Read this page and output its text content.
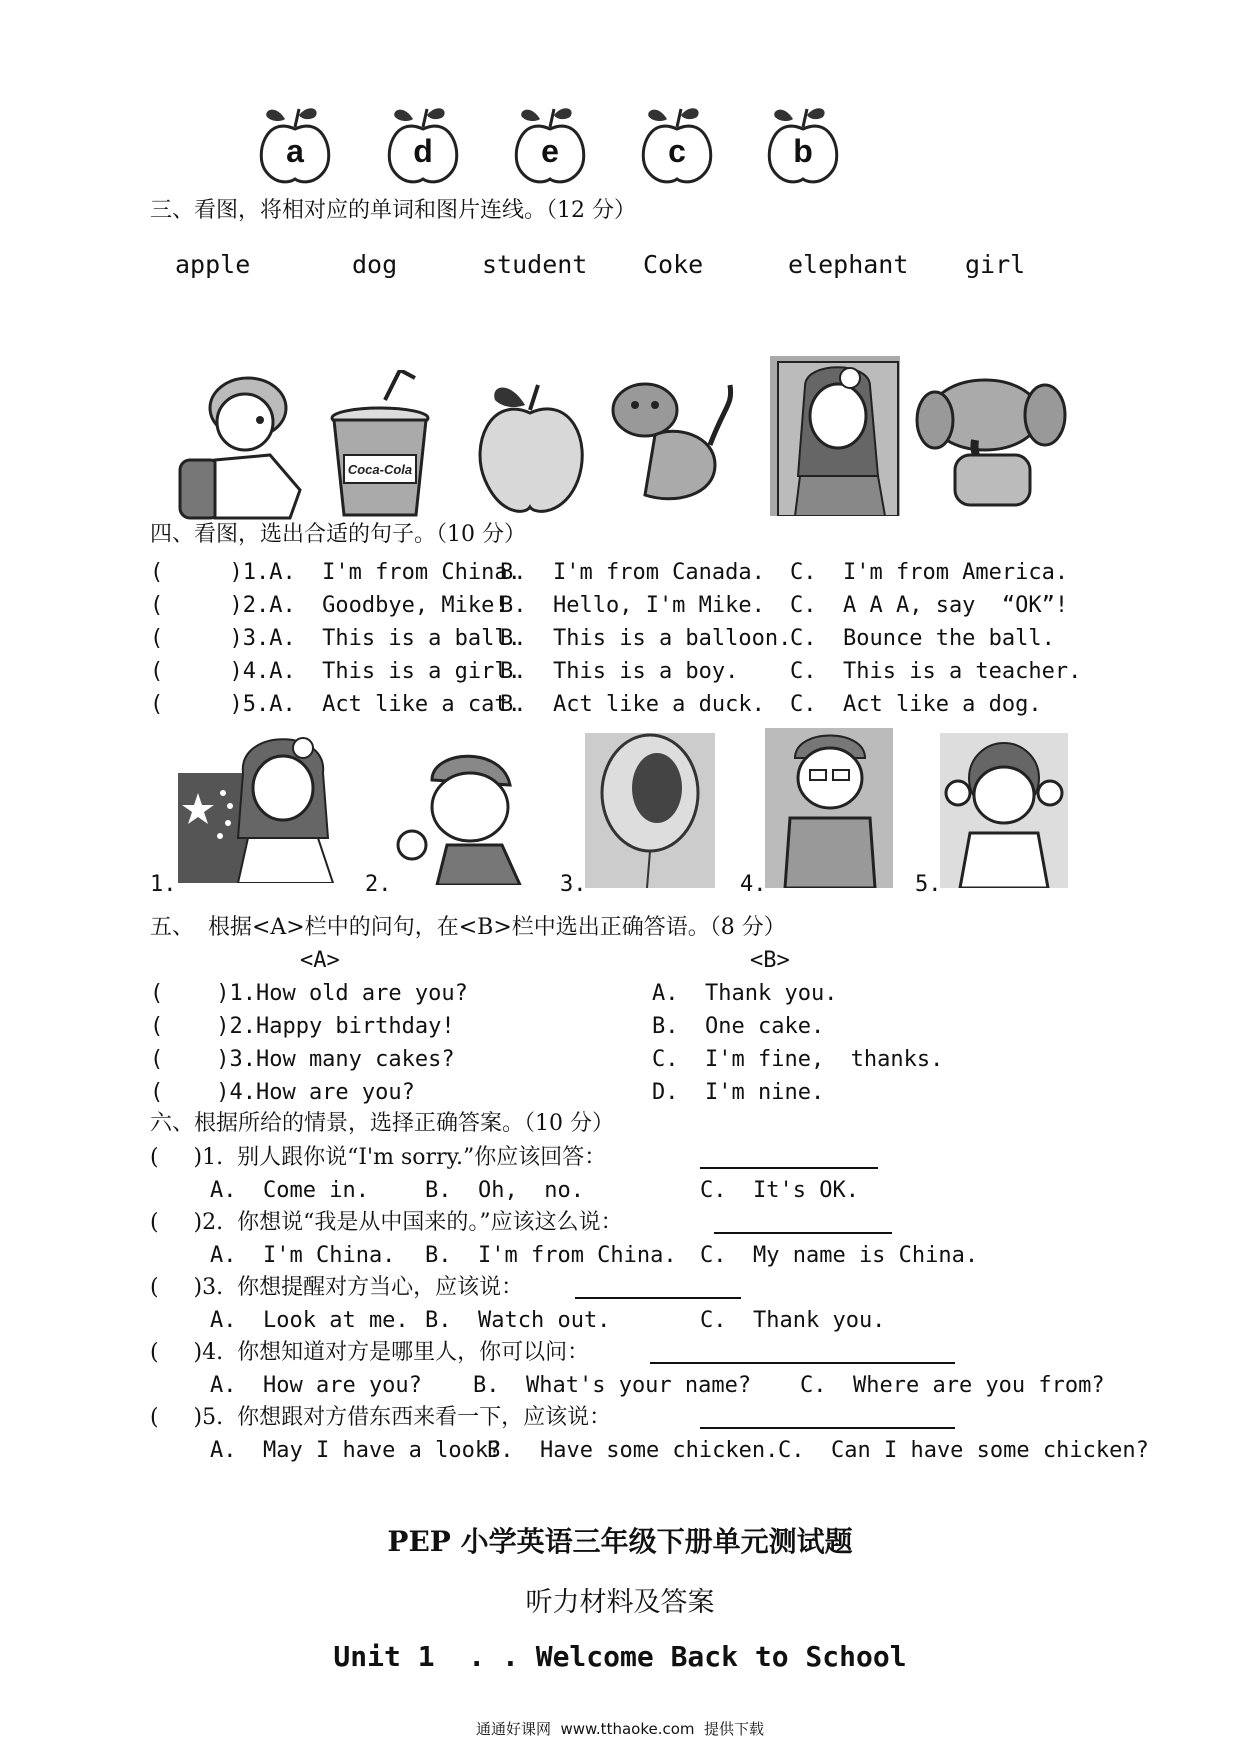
a	d	e	c	b
三、看图，将相对应的单词和图片连线。（12 分）
apple	dog	student Coke	elephant girl
Coca-Cola
四、看图，选出合适的句子。（10 分）
(     )1.A.  I'm from China.
B.  I'm from Canada. C.  I'm from America.
(     )2.A.  Goodbye, Mike!
B.  Hello, I'm Mike. C.  A A A, say  “OK”!
(     )3.A.  This is a ball.
B.  This is a balloon.
C.  Bounce the ball.
(     )4.A.  This is a girl.
B.  This is a boy. C.  This is a teacher.
(     )5.A.  Act like a cat.
B.  Act like a duck. C.  Act like a dog.
1.	2.	3.	4.	5.
五、  根据<A>栏中的问句，在<B>栏中选出正确答语。（8 分）
<A>	<B>
(    )1.How old are you?	A.  Thank you.
(    )2.Happy birthday!	B.  One cake.
(    )3.How many cakes?	C.  I'm fine,  thanks.
(    )4.How are you?	D.  I'm nine.
六、根据所给的情景，选择正确答案。（10 分）
(     )1.  别人跟你说“I'm sorry.”你应该回答：
A.  Come in.	B.  Oh,  no.	C.  It's OK.
(     )2.  你想说“我是从中国来的。”应该这么说：
A.  I'm China. B.  I'm from China. C.  My name is China.
(     )3.  你想提醒对方当心，应该说：
A.  Look at me. B.  Watch out.	C.  Thank you.
(     )4.  你想知道对方是哪里人，你可以问：
A.  How are you? B.  What's your name? C.  Where are you from?
(     )5.  你想跟对方借东西来看一下，应该说：
A.  May I have a look?
B.  Have some chicken. C.  Can I have some chicken?
PEP 小学英语三年级下册单元测试题
听力材料及答案
Unit 1  . . Welcome Back to School
通通好课网  www.tthaoke.com  提供下载
